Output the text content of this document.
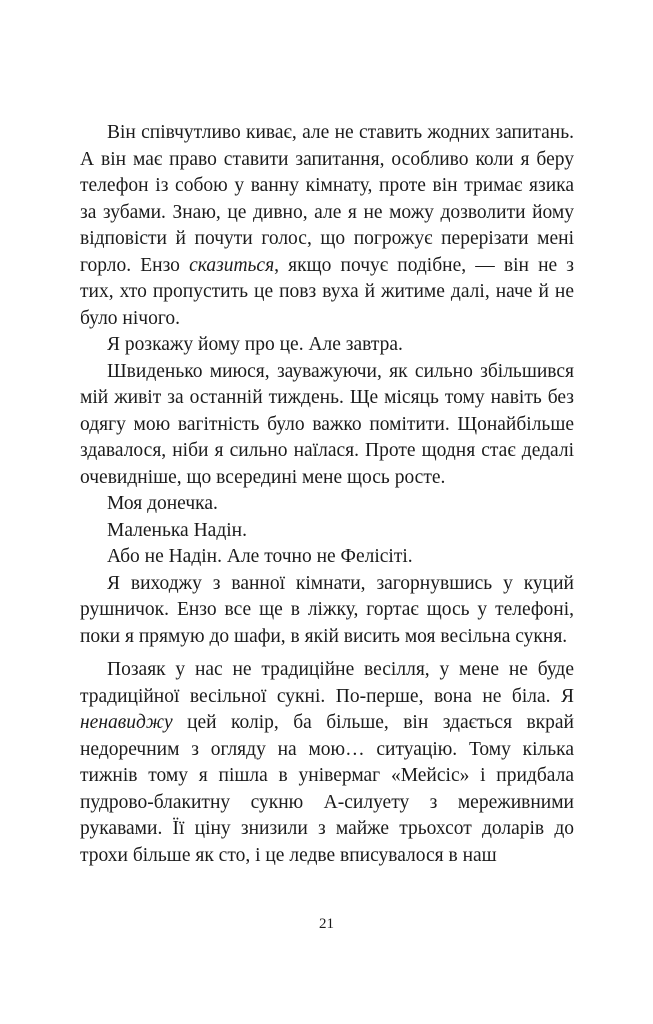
Він співчутливо киває, але не ставить жодних запитань. А він має право ставити запитання, особливо коли я беру телефон із собою у ванну кімнату, проте він тримає язика за зубами. Знаю, це дивно, але я не можу дозволити йому відповісти й почути голос, що погрожує перерізати мені горло. Ензо сказиться, якщо почує подібне, — він не з тих, хто пропустить це повз вуха й житиме далі, наче й не було нічого.

Я розкажу йому про це. Але завтра.

Швиденько миюся, зауважуючи, як сильно збільшився мій живіт за останній тиждень. Ще місяць тому навіть без одягу мою вагітність було важко помітити. Щонайбільше здавалося, ніби я сильно наїлася. Проте щодня стає дедалі очевидніше, що всередині мене щось росте.

Моя донечка.

Маленька Надін.

Або не Надін. Але точно не Фелісіті.

Я виходжу з ванної кімнати, загорнувшись у куций рушничок. Ензо все ще в ліжку, гортає щось у телефоні, поки я прямую до шафи, в якій висить моя весільна сукня.

Позаяк у нас не традиційне весілля, у мене не буде традиційної весільної сукні. По-перше, вона не біла. Я ненавиджу цей колір, ба більше, він здається вкрай недоречним з огляду на мою… ситуацію. Тому кілька тижнів тому я пішла в універмаг «Мейсіс» і придбала пудрово-блакитну сукню А-силуету з мереживними рукавами. Її ціну знизили з майже трьохсот доларів до трохи більше як сто, і це ледве вписувалося в наш

21
